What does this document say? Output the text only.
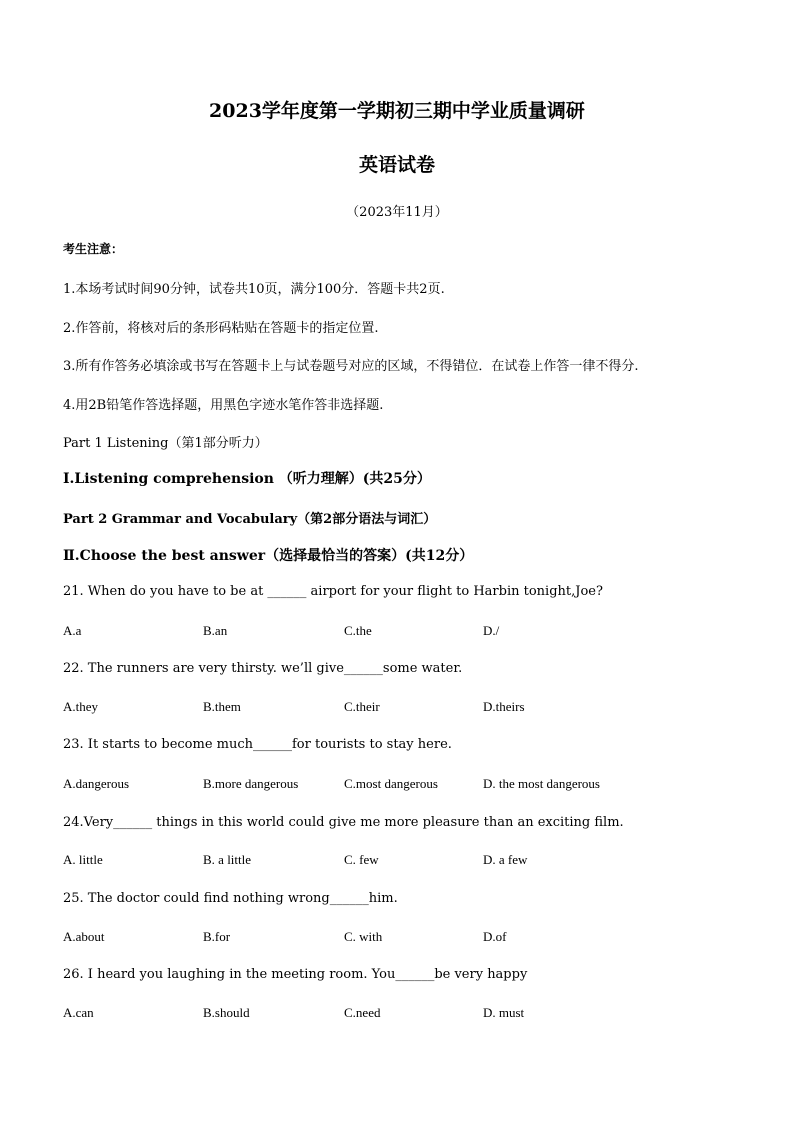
2023学年度第一学期初三期中学业质量调研
英语试卷
（2023年11月）
考生注意：
1.本场考试时间90分钟，试卷共10页，满分100分．答题卡共2页.
2.作答前，将核对后的条形码粘贴在答题卡的指定位置.
3.所有作答务必填涂或书写在答题卡上与试卷题号对应的区域，不得错位．在试卷上作答一律不得分.
4.用2B铅笔作答选择题，用黑色字迹水笔作答非选择题.
Part 1 Listening（第1部分听力）
Ⅰ.Listening comprehension （听力理解）(共25分）
Part 2 Grammar and Vocabulary（第2部分语法与词汇）
Ⅱ.Choose the best answer（选择最恰当的答案）(共12分）
21. When do you have to be at ______ airport for your flight to Harbin tonight,Joe?
A.a	B.an	C.the	D./
22. The runners are very thirsty. we’ll give______some water.
A.they	B.them	C.their	D.theirs
23. It starts to become much______for tourists to stay here.
A.dangerous	B.more dangerous	C.most dangerous	D. the most dangerous
24.Very______ things in this world could give me more pleasure than an exciting film.
A. little	B. a little	C. few	D. a few
25. The doctor could find nothing wrong______him.
A.about	B.for	C. with	D.of
26. I heard you laughing in the meeting room. You______be very happy
A.can	B.should	C.need	D. must
